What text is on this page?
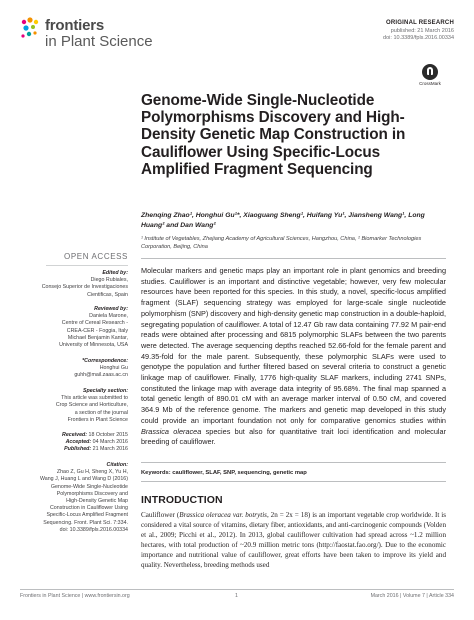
frontiers
in Plant Science
ORIGINAL RESEARCH
published: 21 March 2016
doi: 10.3389/fpls.2016.00334
CrossMark
Genome-Wide Single-Nucleotide Polymorphisms Discovery and High-Density Genetic Map Construction in Cauliflower Using Specific-Locus Amplified Fragment Sequencing
Zhenqing Zhao¹, Honghui Gu¹*, Xiaoguang Sheng¹, Huifang Yu¹, Jiansheng Wang¹, Long Huang² and Dan Wang²
¹ Institute of Vegetables, Zhejiang Academy of Agricultural Sciences, Hangzhou, China, ² Biomarker Technologies Corporation, Beijing, China
Molecular markers and genetic maps play an important role in plant genomics and breeding studies. Cauliflower is an important and distinctive vegetable; however, very few molecular resources have been reported for this species. In this study, a novel, specific-locus amplified fragment (SLAF) sequencing strategy was employed for large-scale single nucleotide polymorphism (SNP) discovery and high-density genetic map construction in a double-haploid, segregating population of cauliflower. A total of 12.47 Gb raw data containing 77.92 M pair-end reads were obtained after processing and 6815 polymorphic SLAFs between the two parents were detected. The average sequencing depths reached 52.66-fold for the female parent and 49.35-fold for the male parent. Subsequently, these polymorphic SLAFs were used to genotype the population and further filtered based on several criteria to construct a genetic linkage map of cauliflower. Finally, 1776 high-quality SLAF markers, including 2741 SNPs, constituted the linkage map with average data integrity of 95.68%. The final map spanned a total genetic length of 890.01 cM with an average marker interval of 0.50 cM, and covered 364.9 Mb of the reference genome. The markers and genetic map developed in this study could provide an important foundation not only for comparative genomics studies within Brassica oleracea species but also for quantitative trait loci identification and molecular breeding of cauliflower.
Keywords: cauliflower, SLAF, SNP, sequencing, genetic map
INTRODUCTION
Cauliflower (Brassica oleracea var. botrytis, 2n = 2x = 18) is an important vegetable crop worldwide. It is considered a vital source of vitamins, dietary fiber, antioxidants, and anti-carcinogenic compounds (Volden et al., 2009; Picchi et al., 2012). In 2013, global cauliflower cultivation had spread across ~1.2 million hectares, with total production of ~20.9 million metric tons (http://faostat.fao.org/). Due to the economic importance and nutritional value of cauliflower, great efforts have been taken to improve its yield and quality. Nevertheless, breeding methods used
OPEN ACCESS
Edited by:
Diego Rubiales,
Consejo Superior de Investigaciones
Cientificas, Spain
Reviewed by:
Daniela Marone,
Centre of Cereal Research -
CREA-CER - Foggia, Italy
Michael Benjamin Kantar,
University of Minnesota, USA
*Correspondence:
Honghui Gu
guhh@mail.zaas.ac.cn
Specialty section:
This article was submitted to
Crop Science and Horticulture,
a section of the journal
Frontiers in Plant Science
Received: 18 October 2015
Accepted: 04 March 2016
Published: 21 March 2016
Citation:
Zhao Z, Gu H, Sheng X, Yu H,
Wang J, Huang L and Wang D (2016)
Genome-Wide Single-Nucleotide
Polymorphisms Discovery and
High-Density Genetic Map
Construction in Cauliflower Using
Specific-Locus Amplified Fragment
Sequencing. Front. Plant Sci. 7:334.
doi: 10.3389/fpls.2016.00334
Frontiers in Plant Science | www.frontiersin.org	1	March 2016 | Volume 7 | Article 334
